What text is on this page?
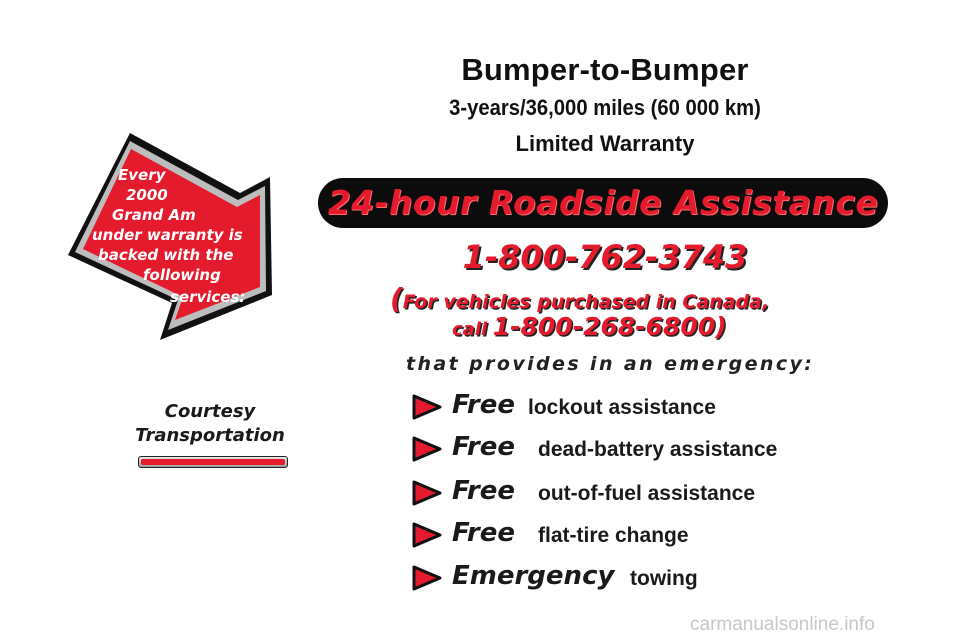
Every
2000
Grand Am
under warranty is
backed with the
following
services:
Courtesy
Transportation
Bumper-to-Bumper
3-years/36,000 miles (60 000 km)
Limited Warranty
24-hour Roadside Assistance
1-800-762-3743
(For vehicles purchased in Canada,
call 1-800-268-6800)
that provides in an emergency:
Free lockout assistance
Free dead-battery assistance
Free out-of-fuel assistance
Free flat-tire change
Emergency towing
carmanualsonline.info
